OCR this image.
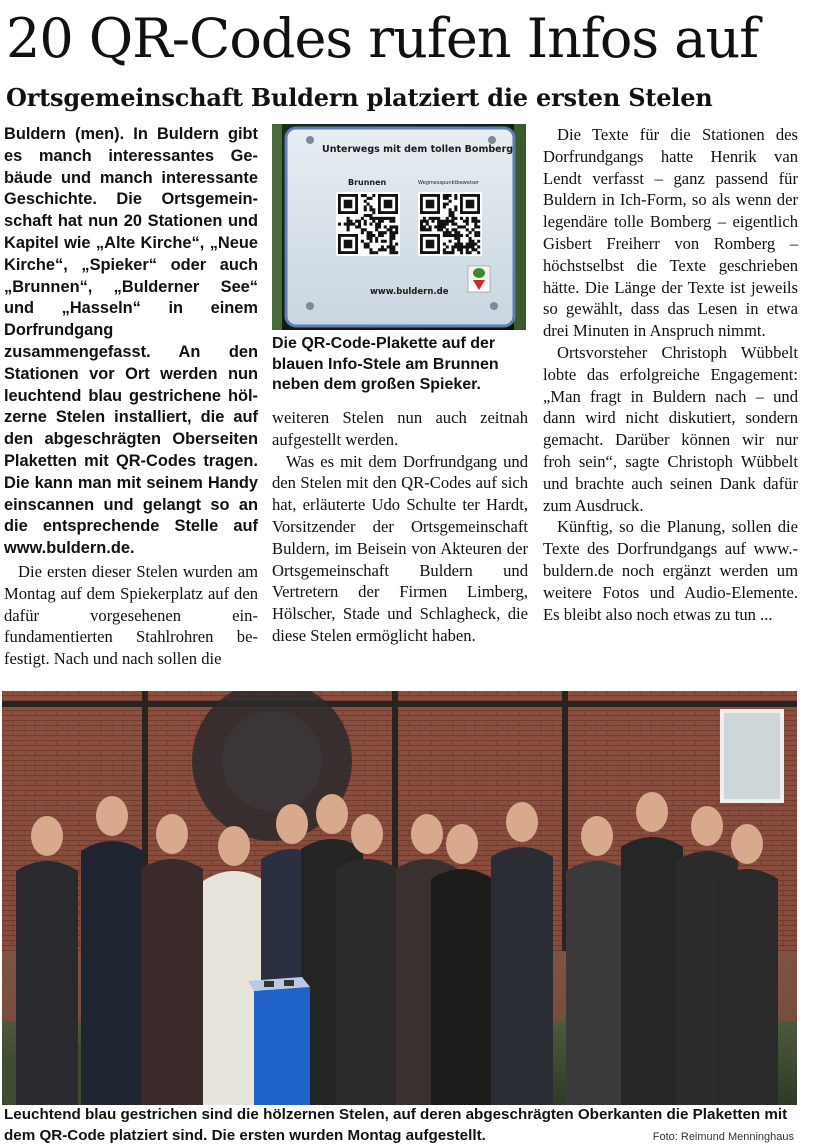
20 QR-Codes rufen Infos auf
Ortsgemeinschaft Buldern platziert die ersten Stelen
Buldern (men). In Buldern gibt es manch interessantes Gebäude und manch interessante Geschichte. Die Ortsgemeinschaft hat nun 20 Stationen und Kapitel wie „Alte Kirche“, „Neue Kirche“, „Spieker“ oder auch „Brunnen“, „Bulderner See“ und „Hasseln“ in einem Dorfrundgang zusammengefasst. An den Stationen vor Ort werden nun leuchtend blau gestrichene hölzerne Stelen installiert, die auf den abgeschrägten Oberseiten Plaketten mit QR-Codes tragen. Die kann man mit seinem Handy einscannen und gelangt so an die entsprechende Stelle auf www.buldern.de.
Die ersten dieser Stelen wurden am Montag auf dem Spiekerplatz auf den dafür vorgesehenen einfundamentierten Stahlrohren befestigt. Nach und nach sollen die
Unterwegs mit dem tollen Bomberg
Brunnen	Wegmesspunktbeweiser
www.buldern.de
Die QR-Code-Plakette auf der blauen Info-Stele am Brunnen neben dem großen Spieker.

weiteren Stelen nun auch zeitnah aufgestellt werden.

Was es mit dem Dorfrundgang und den Stelen mit den QR-Codes auf sich hat, erläuterte Udo Schulte ter Hardt, Vorsitzender der Ortsgemeinschaft Buldern, im Beisein von Akteuren der Ortsgemeinschaft Buldern und Vertretern der Firmen Limberg, Hölscher, Stade und Schlagheck, die diese Stelen ermöglicht haben.

Die Texte für die Stationen des Dorfrundgangs hatte Henrik van Lendt verfasst – ganz passend für Buldern in Ich-Form, so als wenn der legendäre tolle Bomberg – eigentlich Gisbert Freiherr von Romberg – höchstselbst die Texte geschrieben hätte. Die Länge der Texte ist jeweils so gewählt, dass das Lesen in etwa drei Minuten in Anspruch nimmt.

Ortsvorsteher Christoph Wübbelt lobte das erfolgreiche Engagement: „Man fragt in Buldern nach – und dann wird nicht diskutiert, sondern gemacht. Darüber können wir nur froh sein“, sagte Christoph Wübbelt und brachte auch seinen Dank dafür zum Ausdruck.

Künftig, so die Planung, sollen die Texte des Dorfrundgangs auf www.buldern.de noch ergänzt werden um weitere Fotos und Audio-Elemente. Es bleibt also noch etwas zu tun ...

Leuchtend blau gestrichen sind die hölzernen Stelen, auf deren abgeschrägten Oberkanten die Plaketten mit dem QR-Code platziert sind. Die ersten wurden Montag aufgestellt.	Foto: Reimund Menninghaus
